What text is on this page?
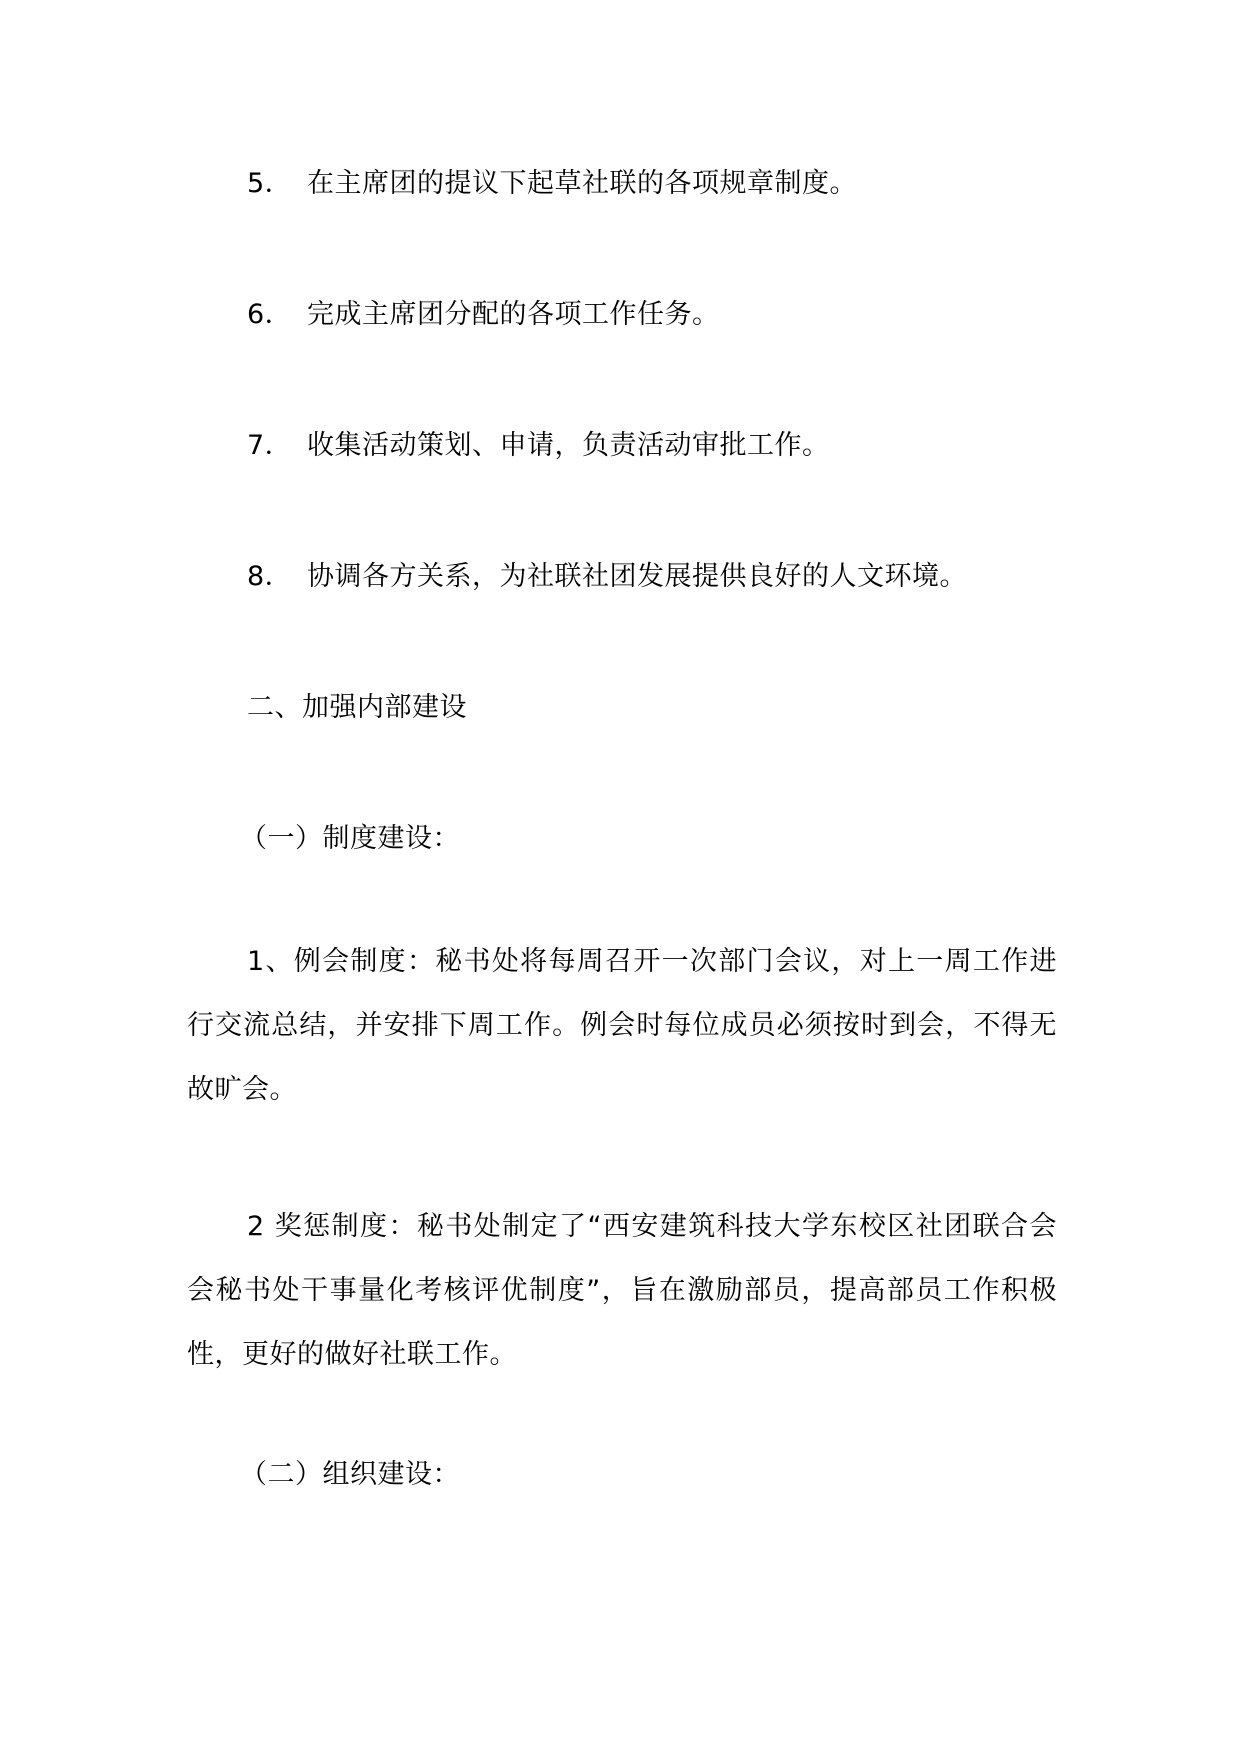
5． 在主席团的提议下起草社联的各项规章制度。
6． 完成主席团分配的各项工作任务。
7． 收集活动策划、申请，负责活动审批工作。
8． 协调各方关系，为社联社团发展提供良好的人文环境。
二、加强内部建设
（一）制度建设：
1、例会制度：秘书处将每周召开一次部门会议，对上一周工作进行交流总结，并安排下周工作。例会时每位成员必须按时到会，不得无故旷会。
2 奖惩制度：秘书处制定了“西安建筑科技大学东校区社团联合会会秘书处干事量化考核评优制度”，旨在激励部员，提高部员工作积极性，更好的做好社联工作。
（二）组织建设：
